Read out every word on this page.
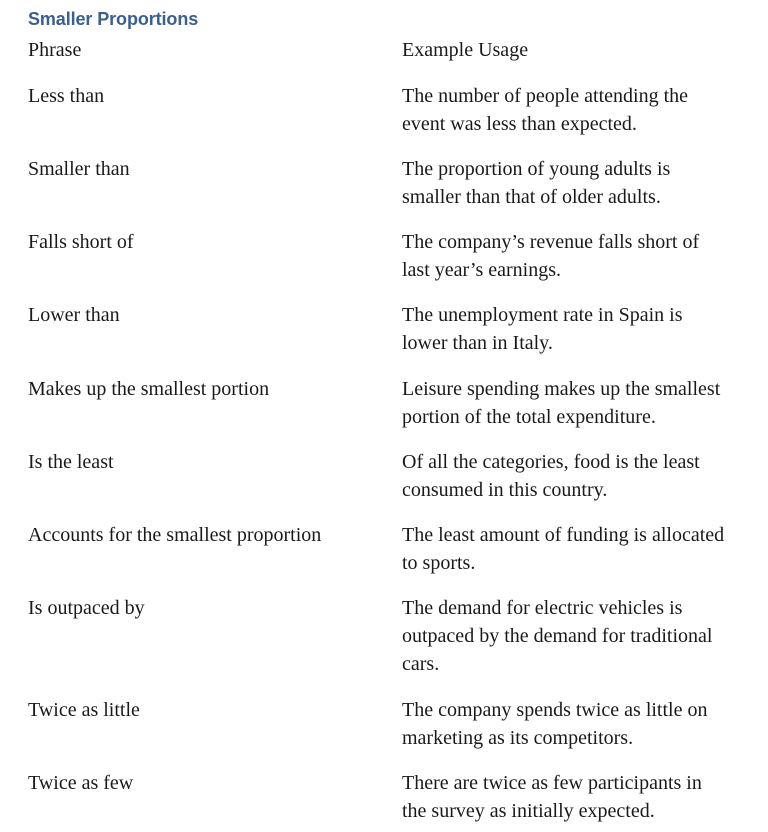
Smaller Proportions
Phrase	Example Usage
Less than	The number of people attending the
event was less than expected.
Smaller than	The proportion of young adults is
smaller than that of older adults.
Falls short of	The company’s revenue falls short of
last year’s earnings.
Lower than	The unemployment rate in Spain is
lower than in Italy.
Makes up the smallest portion	Leisure spending makes up the smallest
portion of the total expenditure.
Is the least	Of all the categories, food is the least
consumed in this country.
Accounts for the smallest proportion	The least amount of funding is allocated
to sports.
Is outpaced by	The demand for electric vehicles is
outpaced by the demand for traditional
cars.
Twice as little	The company spends twice as little on
marketing as its competitors.
Twice as few	There are twice as few participants in
the survey as initially expected.
